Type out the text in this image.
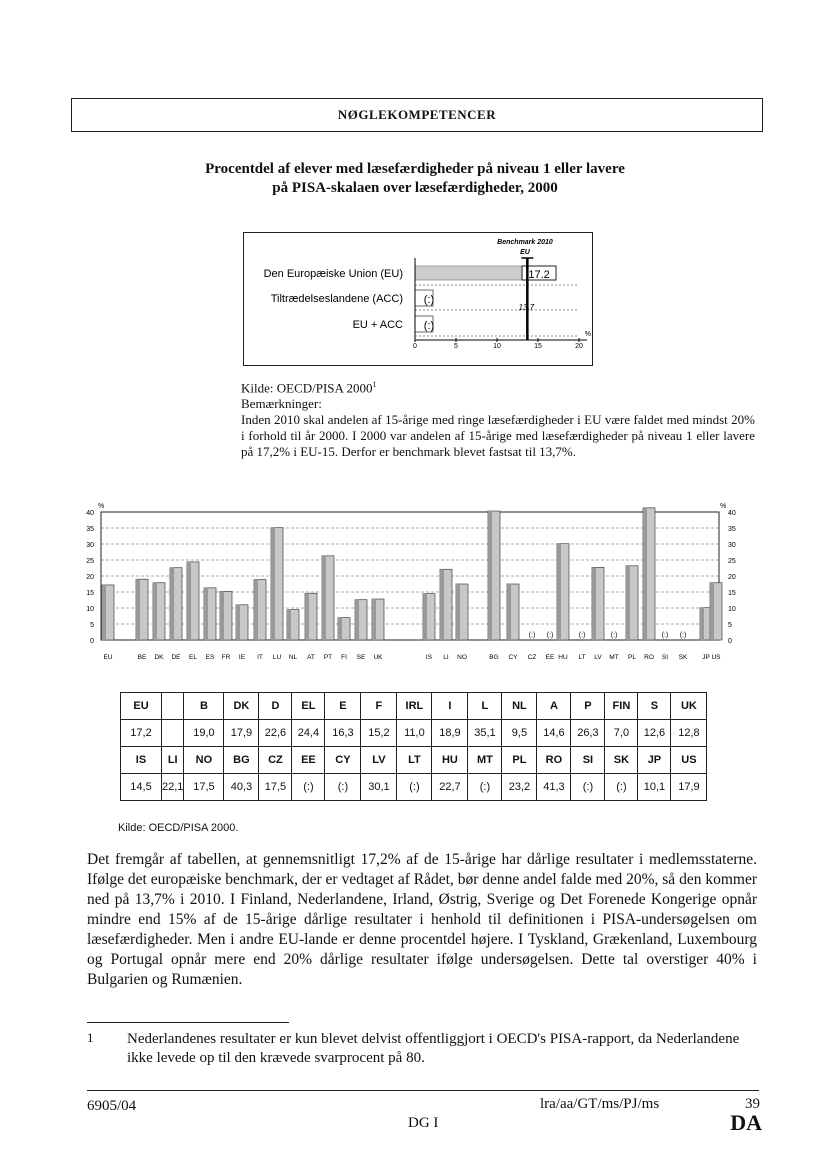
NØGLEKOMPETENCER
Procentdel af elever med læsefærdigheder på niveau 1 eller lavere
på PISA-skalaen over læsefærdigheder, 2000
Benchmark 2010
EU
Den Europæiske Union (EU)	17.2
Tiltrædelseslandene (ACC) (:)
EU + ACC (:)
13.7
0	5	10	15	20
%
Kilde: OECD/PISA 2000$^1$
Bemærkninger:
Inden 2010 skal andelen af 15-årige med ringe læsefærdigheder i EU være faldet med mindst 20% i forhold til år 2000. I 2000 var andelen af 15-årige med læsefærdigheder på niveau 1 eller lavere på 17,2% i EU-15. Derfor er benchmark blevet fastsat til 13,7%.
0	0
5	5
10	10
15	15
20	20
25	25
30	30
35	35
40	40
%	%
EU	BE DK DE EL ES FR IE IT LU NL AT PT FI SE UK	IS LI NO	BG CY
(:)
CZ
(:)
EE HU
(:)
LT LV
(:)
MT PL RO
(:)
SI
(:)
SK JP US
EU		B	DK	D	EL	E	F	IRL	I	L	NL	A	P	FIN	S	UK
17,2		19,0	17,9	22,6	24,4	16,3	15,2	11,0	18,9	35,1	9,5	14,6	26,3	7,0	12,6	12,8
IS	LI	NO	BG	CZ	EE	CY	LV	LT	HU	MT	PL	RO	SI	SK	JP	US
14,5	22,1	17,5	40,3	17,5	(:)	(:)	30,1	(:)	22,7	(:)	23,2	41,3	(:)	(:)	10,1	17,9
Kilde: OECD/PISA 2000.
Det fremgår af tabellen, at gennemsnitligt 17,2% af de 15-årige har dårlige resultater i medlemsstaterne. Ifølge det europæiske benchmark, der er vedtaget af Rådet, bør denne andel falde med 20%, så den kommer ned på 13,7% i 2010. I Finland, Nederlandene, Irland, Østrig, Sverige og Det Forenede Kongerige opnår mindre end 15% af de 15-årige dårlige resultater i henhold til definitionen i PISA-undersøgelsen om læsefærdigheder. Men i andre EU-lande er denne procentdel højere. I Tyskland, Grækenland, Luxembourg og Portugal opnår mere end 20% dårlige resultater ifølge undersøgelsen. Dette tal overstiger 40% i Bulgarien og Rumænien.
1 Nederlandenes resultater er kun blevet delvist offentliggjort i OECD's PISA-rapport, da Nederlandene ikke levede op til den krævede svarprocent på 80.
6905/04
DG I
lra/aa/GT/ms/PJ/ms	39
DA
